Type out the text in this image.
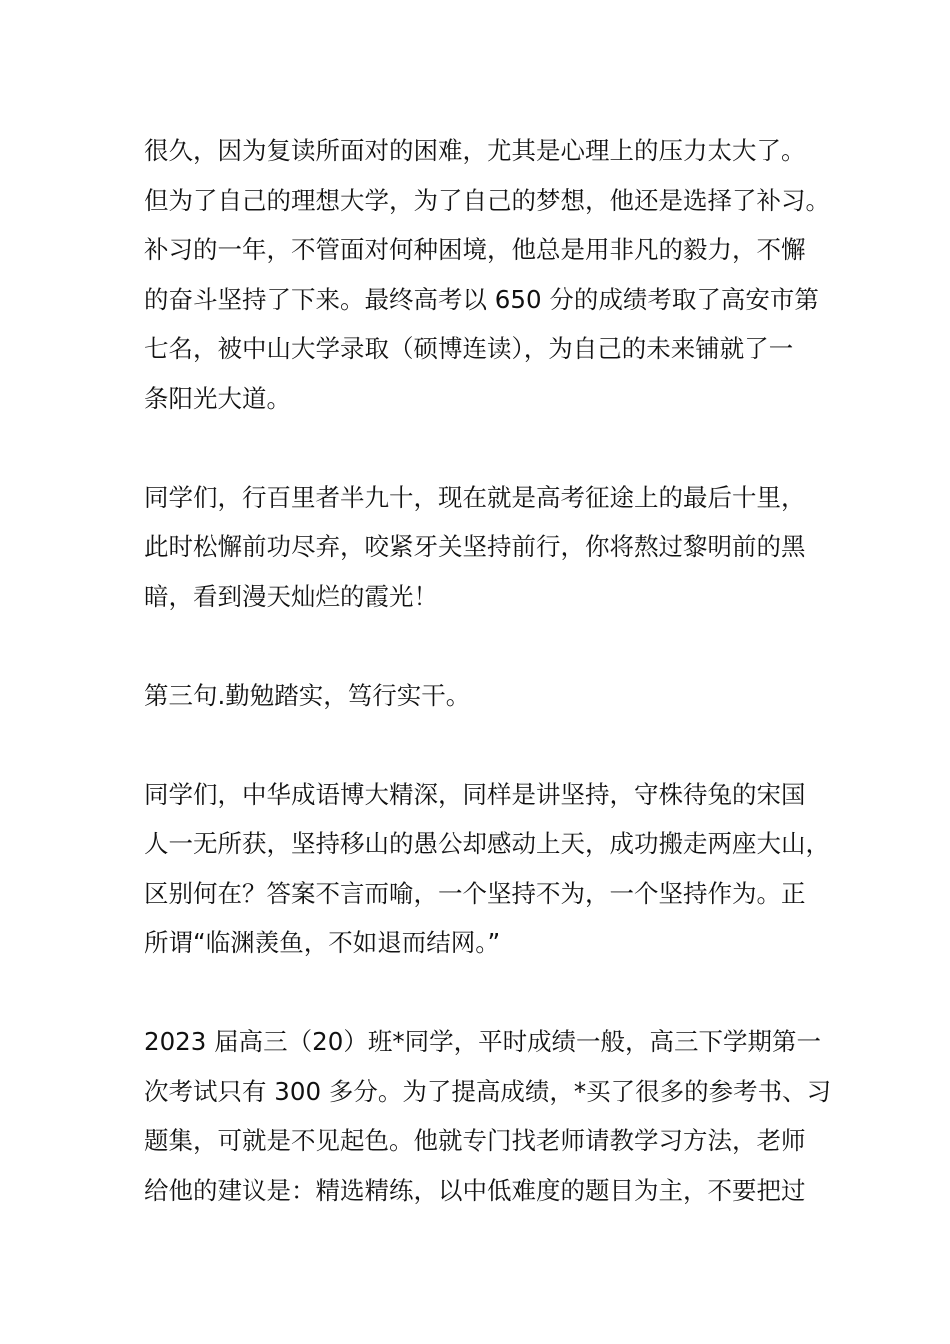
很久，因为复读所面对的困难，尤其是心理上的压力太大了。
但为了自己的理想大学，为了自己的梦想，他还是选择了补习。
补习的一年，不管面对何种困境，他总是用非凡的毅力，不懈
的奋斗坚持了下来。最终高考以 650 分的成绩考取了高安市第
七名，被中山大学录取（硕博连读），为自己的未来铺就了一
条阳光大道。

同学们，行百里者半九十，现在就是高考征途上的最后十里，
此时松懈前功尽弃，咬紧牙关坚持前行，你将熬过黎明前的黑
暗，看到漫天灿烂的霞光！

第三句.勤勉踏实，笃行实干。

同学们，中华成语博大精深，同样是讲坚持，守株待兔的宋国
人一无所获，坚持移山的愚公却感动上天，成功搬走两座大山，
区别何在？答案不言而喻，一个坚持不为，一个坚持作为。正
所谓“临渊羡鱼，不如退而结网。”

2023 届高三（20）班*同学，平时成绩一般，高三下学期第一
次考试只有 300 多分。为了提高成绩，*买了很多的参考书、习
题集，可就是不见起色。他就专门找老师请教学习方法，老师
给他的建议是：精选精练，以中低难度的题目为主，不要把过
